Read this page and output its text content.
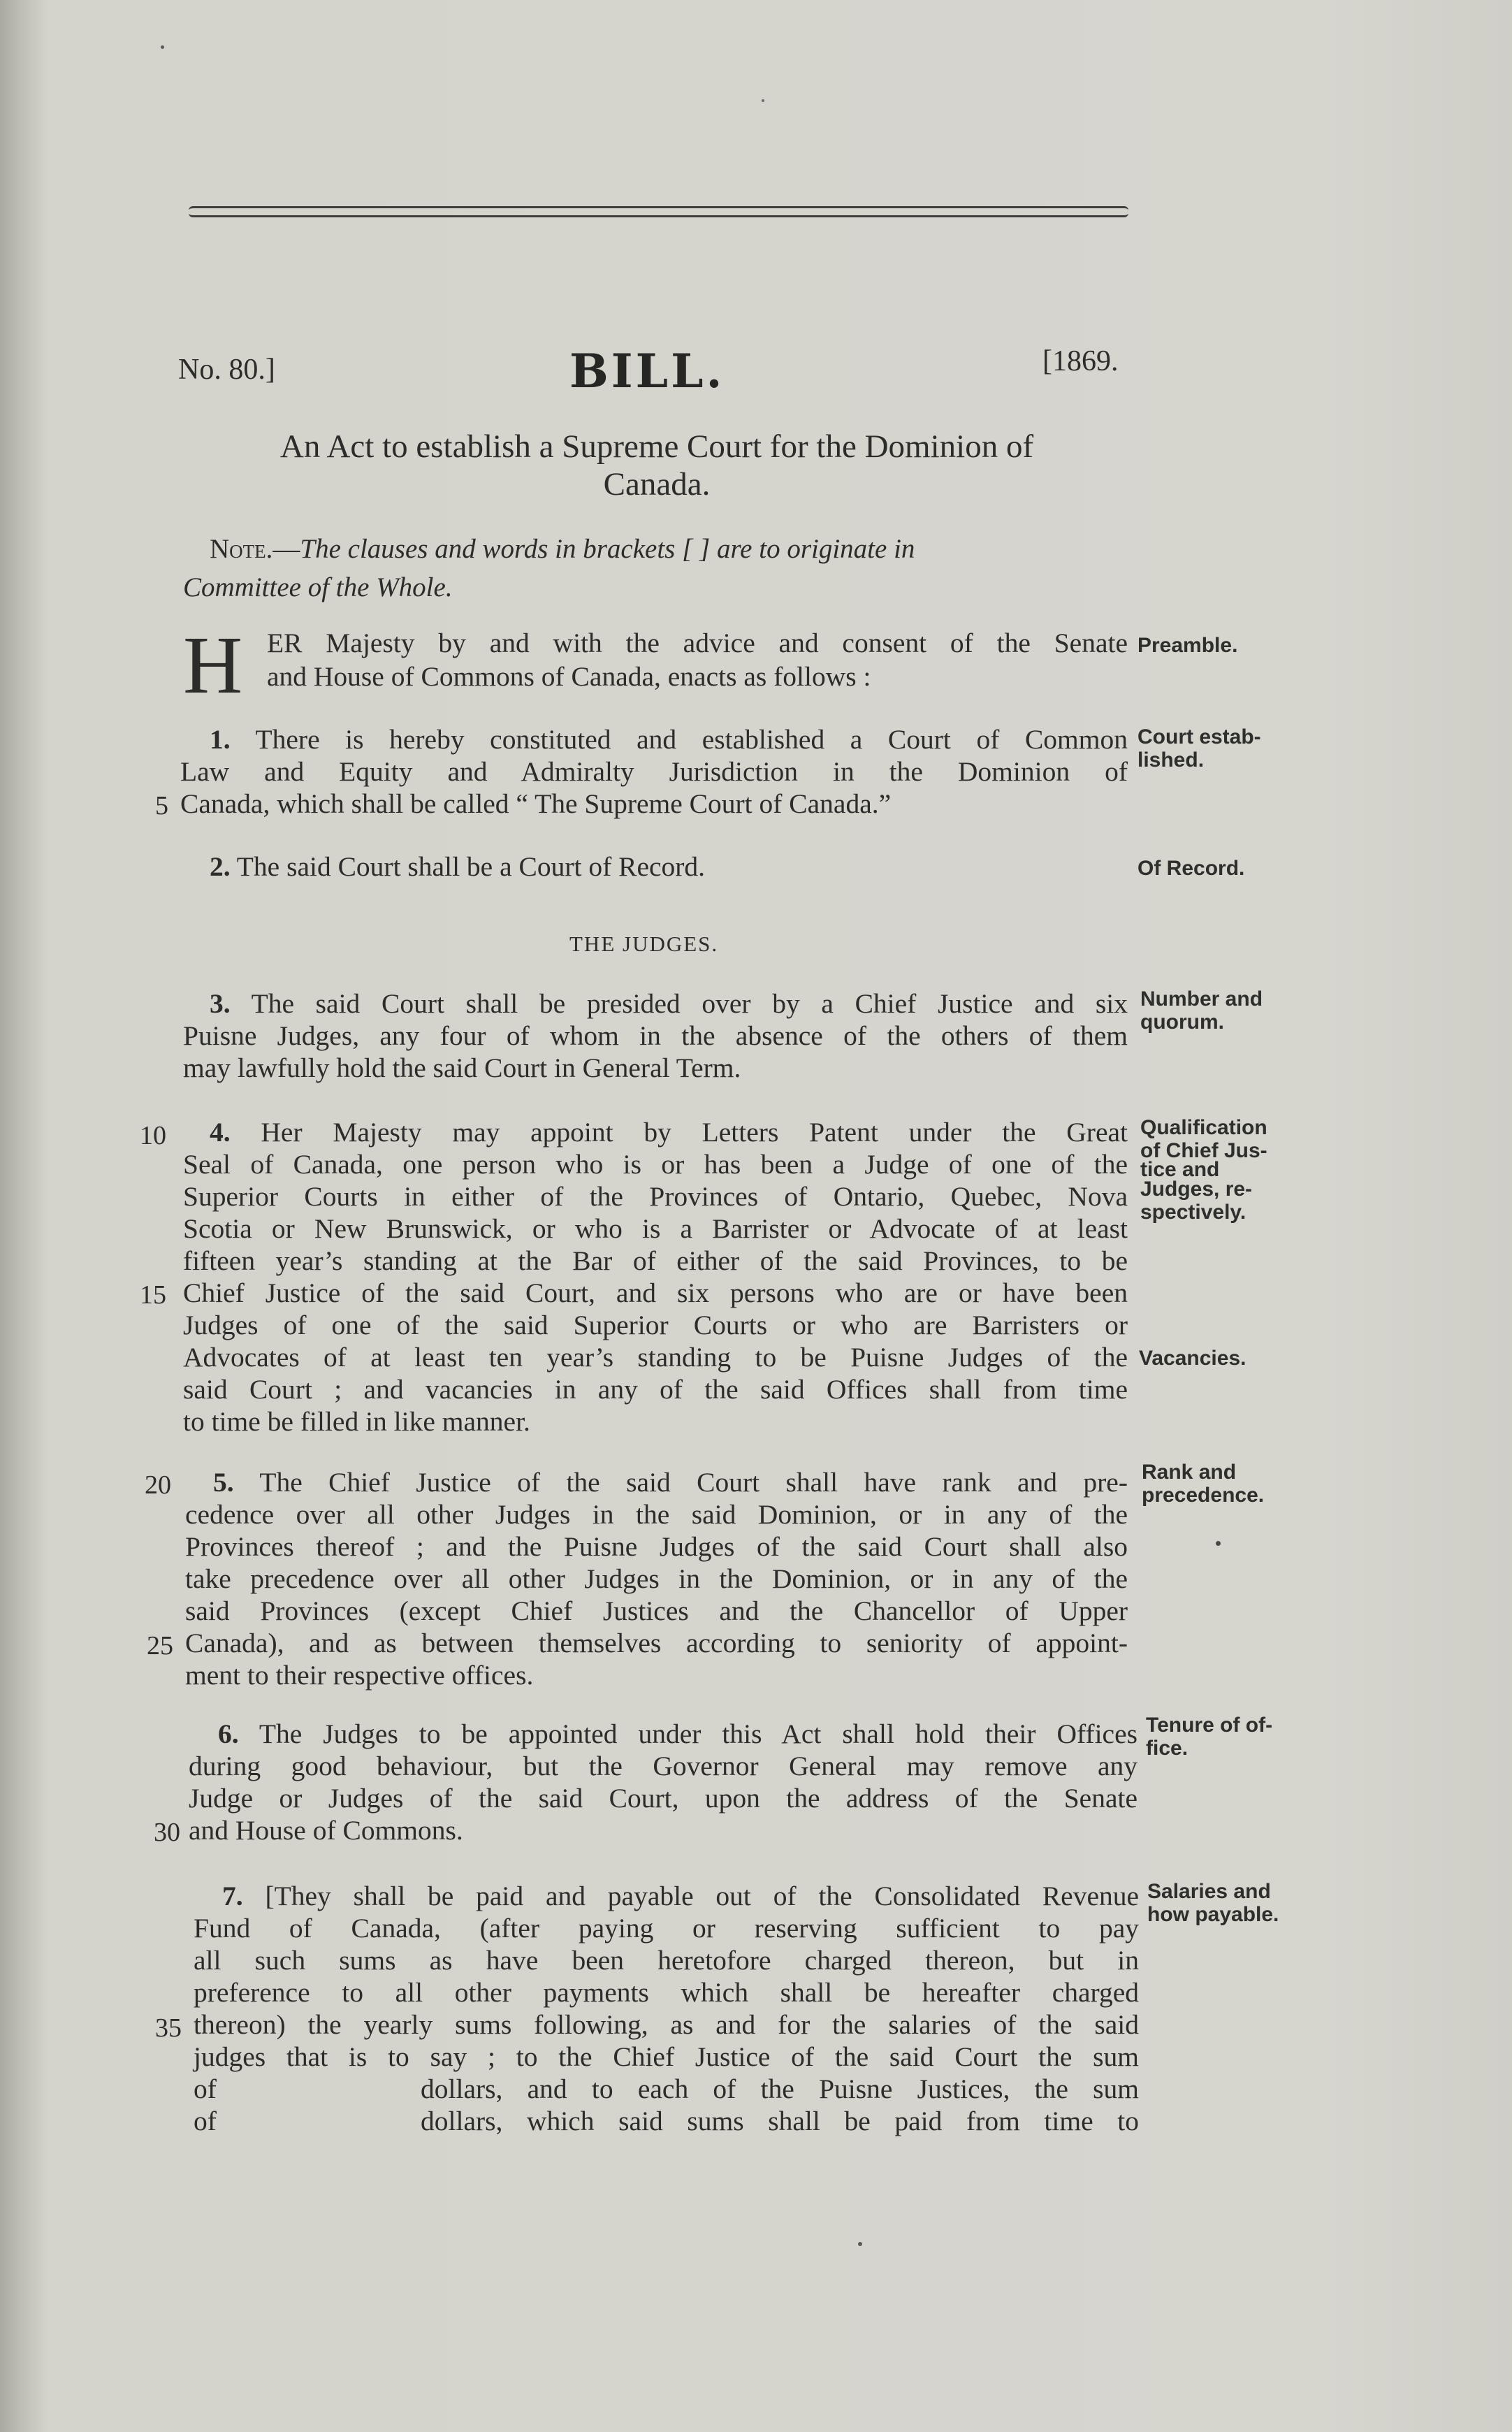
No. 80.]	BILL.	[1869.
An Act to establish a Supreme Court for the Dominion of
Canada.
Note.—The clauses and words in brackets [ ] are to originate in
Committee of the Whole.
H ER Majesty by and with the advice and consent of the Senate
and House of Commons of Canada, enacts as follows :
Preamble.
1. There is hereby constituted and established a Court of Common
Law and Equity and Admiralty Jurisdiction in the Dominion of
Canada, which shall be called “ The Supreme Court of Canada.”
Court estab-
lished.
2. The said Court shall be a Court of Record.	Of Record.
THE JUDGES.
3. The said Court shall be presided over by a Chief Justice and six
Puisne Judges, any four of whom in the absence of the others of them
may lawfully hold the said Court in General Term.
Number and
quorum.
4. Her Majesty may appoint by Letters Patent under the Great
Seal of Canada, one person who is or has been a Judge of one of the
Superior Courts in either of the Provinces of Ontario, Quebec, Nova
Scotia or New Brunswick, or who is a Barrister or Advocate of at least
fifteen year’s standing at the Bar of either of the said Provinces, to be
Chief Justice of the said Court, and six persons who are or have been
Judges of one of the said Superior Courts or who are Barristers or
Advocates of at least ten year’s standing to be Puisne Judges of the
said Court ; and vacancies in any of the said Offices shall from time
to time be filled in like manner.
Qualification
of Chief Jus-
tice and
Judges, re-
spectively.
Vacancies.
5. The Chief Justice of the said Court shall have rank and pre-
cedence over all other Judges in the said Dominion, or in any of the
Provinces thereof ; and the Puisne Judges of the said Court shall also
take precedence over all other Judges in the Dominion, or in any of the
said Provinces (except Chief Justices and the Chancellor of Upper
Canada), and as between themselves according to seniority of appoint-
ment to their respective offices.
Rank and
precedence.
6. The Judges to be appointed under this Act shall hold their Offices
during good behaviour, but the Governor General may remove any
Judge or Judges of the said Court, upon the address of the Senate
and House of Commons.
Tenure of of-
fice.
7. [They shall be paid and payable out of the Consolidated Revenue
Fund of Canada, (after paying or reserving sufficient to pay
all such sums as have been heretofore charged thereon, but in
preference to all other payments which shall be hereafter charged
thereon) the yearly sums following, as and for the salaries of the said
judges that is to say ; to the Chief Justice of the said Court the sum
of	dollars, and to each of the Puisne Justices, the sum
of	dollars, which said sums shall be paid from time to
Salaries and
how payable.
5
10
15
20
25
30
35
